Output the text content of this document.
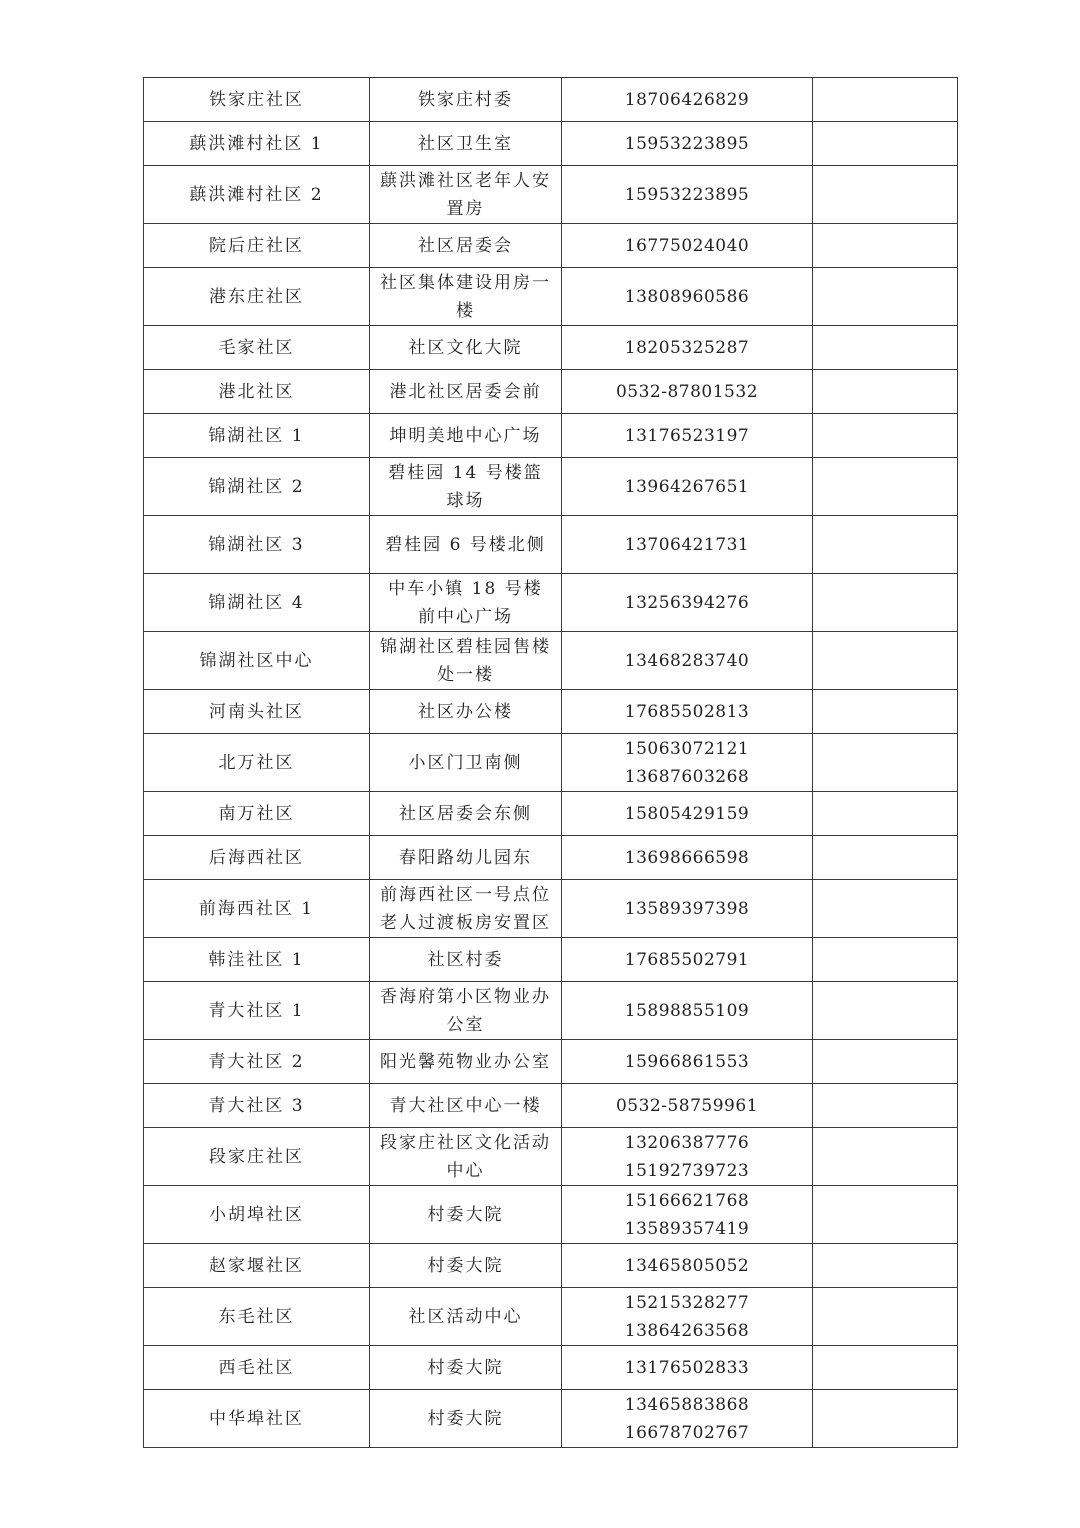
铁家庄社区	铁家庄村委	18706426829	

蕻洪滩村社区 1	社区卫生室	15953223895	

蕻洪滩村社区 2	蕻洪滩社区老年人安置房	15953223895	

院后庄社区	社区居委会	16775024040	

港东庄社区	社区集体建设用房一楼	13808960586	

毛家社区	社区文化大院	18205325287	

港北社区	港北社区居委会前	0532-87801532	

锦湖社区 1	坤明美地中心广场	13176523197	

锦湖社区 2	碧桂园 14 号楼篮球场	13964267651	

锦湖社区 3	碧桂园 6 号楼北侧	13706421731	

锦湖社区 4	中车小镇 18 号楼前中心广场	13256394276	

锦湖社区中心	锦湖社区碧桂园售楼处一楼	13468283740	

河南头社区	社区办公楼	17685502813	

北万社区	小区门卫南侧	15063072121
13687603268	

南万社区	社区居委会东侧	15805429159	

后海西社区	春阳路幼儿园东	13698666598	

前海西社区 1	前海西社区一号点位老人过渡板房安置区	13589397398	

韩洼社区 1	社区村委	17685502791	

青大社区 1	香海府第小区物业办公室	15898855109	

青大社区 2	阳光馨苑物业办公室	15966861553	

青大社区 3	青大社区中心一楼	0532-58759961	

段家庄社区	段家庄社区文化活动中心	13206387776
15192739723	

小胡埠社区	村委大院	15166621768
13589357419	

赵家堰社区	村委大院	13465805052	

东毛社区	社区活动中心	15215328277
13864263568	

西毛社区	村委大院	13176502833	

中华埠社区	村委大院	13465883868
16678702767	
